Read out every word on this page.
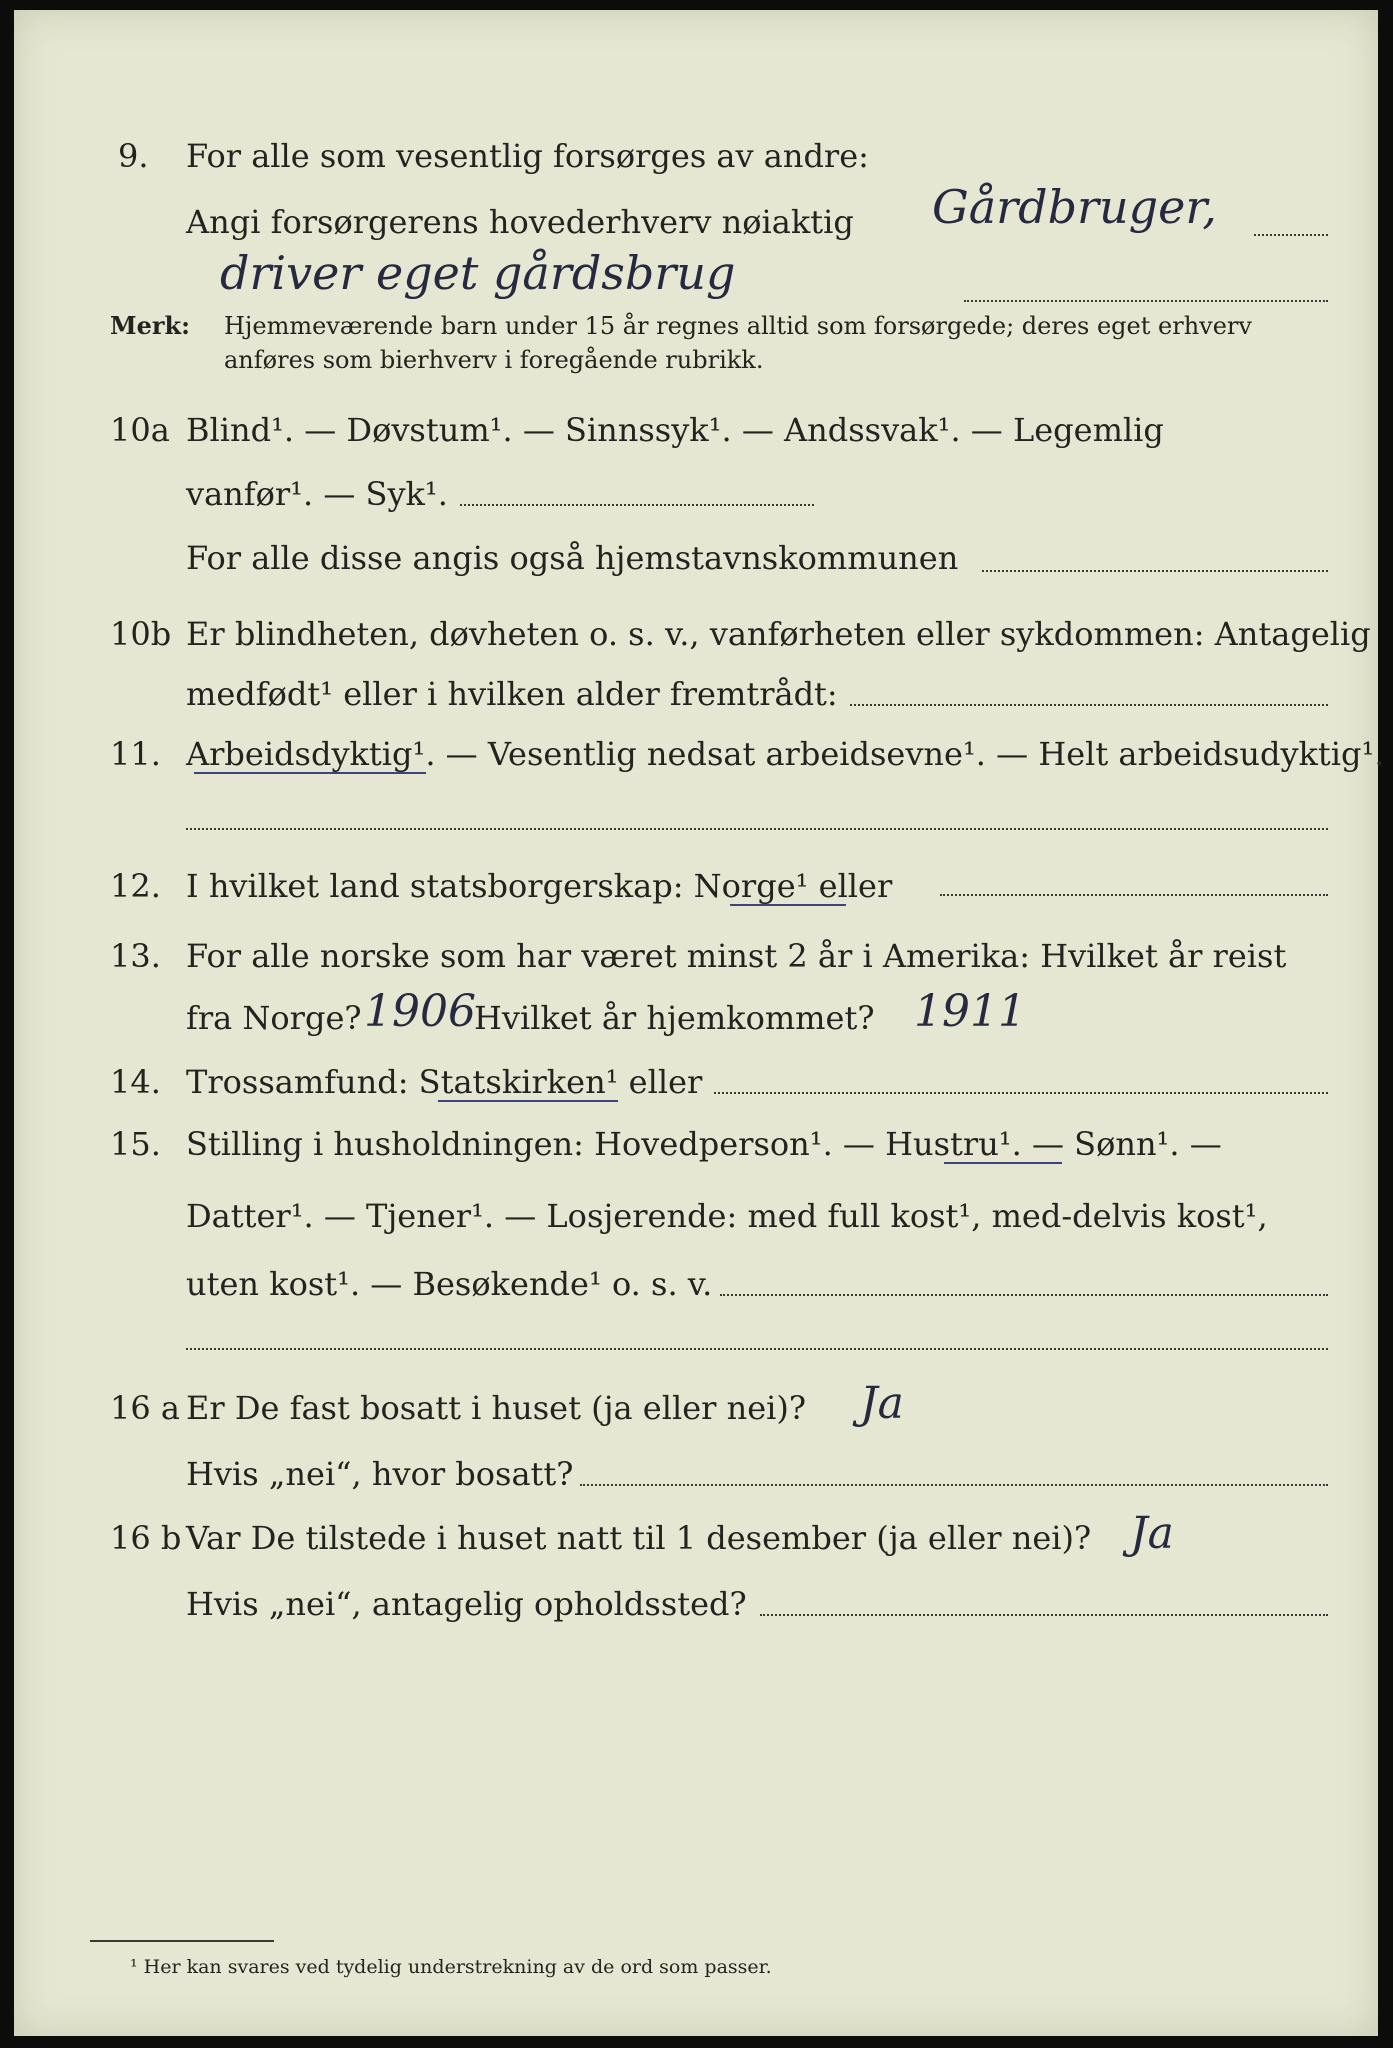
9. For alle som vesentlig forsørges av andre:
Angi forsørgerens hovederhverv nøiaktig Gårdbruger,
driver eget gårdsbrug
Merk: Hjemmeværende barn under 15 år regnes alltid som forsørgede; deres eget erhverv
anføres som bierhverv i foregående rubrikk.
10a Blind¹. — Døvstum¹. — Sinnssyk¹. — Andssvak¹. — Legemlig
vanfør¹. — Syk¹.
For alle disse angis også hjemstavnskommunen
10b Er blindheten, døvheten o. s. v., vanførheten eller sykdommen: Antagelig
medfødt¹ eller i hvilken alder fremtrådt:
11. Arbeidsdyktig¹. — Vesentlig nedsat arbeidsevne¹. — Helt arbeidsudyktig¹.
12. I hvilket land statsborgerskap: Norge¹ eller
13. For alle norske som har været minst 2 år i Amerika: Hvilket år reist
fra Norge? 1906
Hvilket år hjemkommet? 1911
14. Trossamfund: Statskirken¹ eller
15. Stilling i husholdningen: Hovedperson¹. — Hustru¹. — Sønn¹. —
Datter¹. — Tjener¹. — Losjerende: med full kost¹, med-delvis kost¹,
uten kost¹. — Besøkende¹ o. s. v.
16 a Er De fast bosatt i huset (ja eller nei)? Ja
Hvis „nei“, hvor bosatt?
16 b Var De tilstede i huset natt til 1 desember (ja eller nei)? Ja
Hvis „nei“, antagelig opholdssted?
¹ Her kan svares ved tydelig understrekning av de ord som passer.
